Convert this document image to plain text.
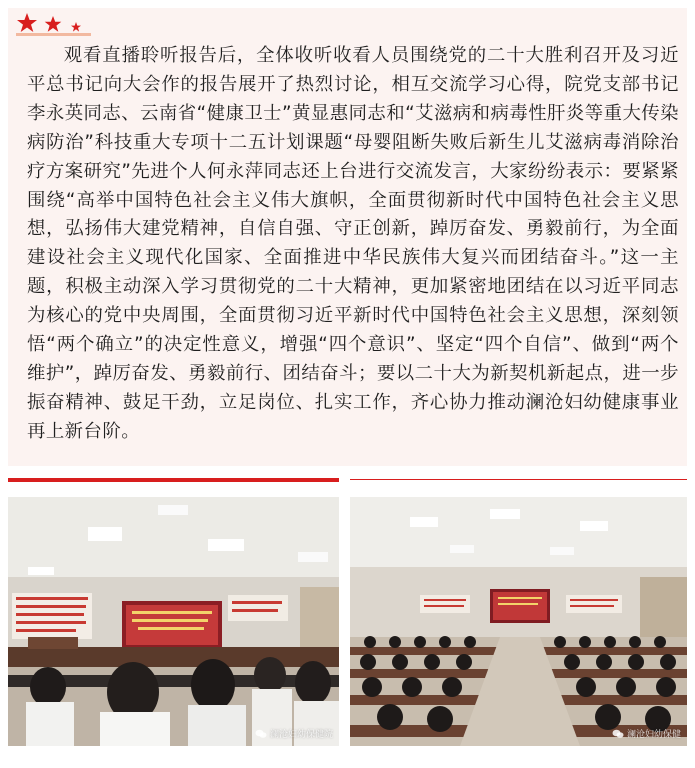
观看直播聆听报告后，全体收听收看人员围绕党的二十大胜利召开及习近平总书记向大会作的报告展开了热烈讨论，相互交流学习心得，院党支部书记李永英同志、云南省“健康卫士”黄显惠同志和“艾滋病和病毒性肝炎等重大传染病防治”科技重大专项十二五计划课题“母婴阻断失败后新生儿艾滋病毒消除治疗方案研究”先进个人何永萍同志还上台进行交流发言，大家纷纷表示：要紧紧围绕“高举中国特色社会主义伟大旗帜，全面贯彻新时代中国特色社会主义思想，弘扬伟大建党精神，自信自强、守正创新，踔厉奋发、勇毅前行，为全面建设社会主义现代化国家、全面推进中华民族伟大复兴而团结奋斗。”这一主题，积极主动深入学习贯彻党的二十大精神，更加紧密地团结在以习近平同志为核心的党中央周围，全面贯彻习近平新时代中国特色社会主义思想，深刻领悟“两个确立”的决定性意义，增强“四个意识”、坚定“四个自信”、做到“两个维护”，踔厉奋发、勇毅前行、团结奋斗；要以二十大为新契机新起点，进一步振奋精神、鼓足干劲，立足岗位、扎实工作，齐心协力推动澜沧妇幼健康事业再上新台阶。

澜沧妇幼保健院	澜沧妇幼保健
